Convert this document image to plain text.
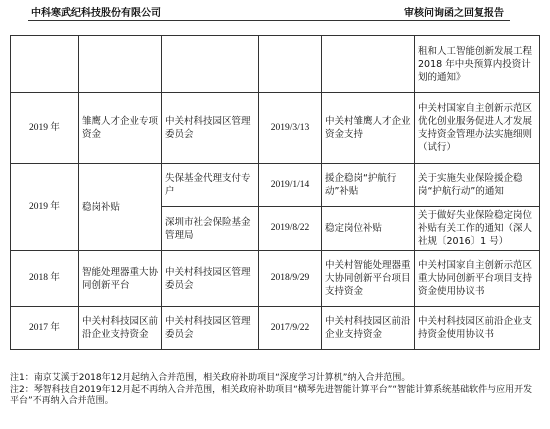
中科寒武纪科技股份有限公司	审核问询函之回复报告
					租和人工智能创新发展工程 2018 年中央预算内投资计划的通知》
2019 年	雏鹰人才企业专项资金	中关村科技园区管理委员会	2019/3/13	中关村雏鹰人才企业资金支持	中关村国家自主创新示范区优化创业服务促进人才发展支持资金管理办法实施细则（试行）
2019 年	稳岗补贴	失保基金代理支付专户	2019/1/14	援企稳岗“护航行动”补贴	关于实施失业保险援企稳岗“护航行动”的通知
		深圳市社会保险基金管理局	2019/8/22	稳定岗位补贴	关于做好失业保险稳定岗位补贴有关工作的通知（深人社规〔2016〕1 号）
2018 年	智能处理器重大协同创新平台	中关村科技园区管理委员会	2018/9/29	中关村智能处理器重大协同创新平台项目支持资金	中关村国家自主创新示范区重大协同创新平台项目支持资金使用协议书
2017 年	中关村科技园区前沿企业支持资金	中关村科技园区管理委员会	2017/9/22	中关村科技园区前沿企业支持资金	中关村科技园区前沿企业支持资金使用协议书
注1：南京艾溪于2018年12月起纳入合并范围，相关政府补助项目“深度学习计算机”纳入合并范围。
注2：琴智科技自2019年12月起不再纳入合并范围，相关政府补助项目“横琴先进智能计算平台”“智能计算系统基础软件与应用开发平台”不再纳入合并范围。
